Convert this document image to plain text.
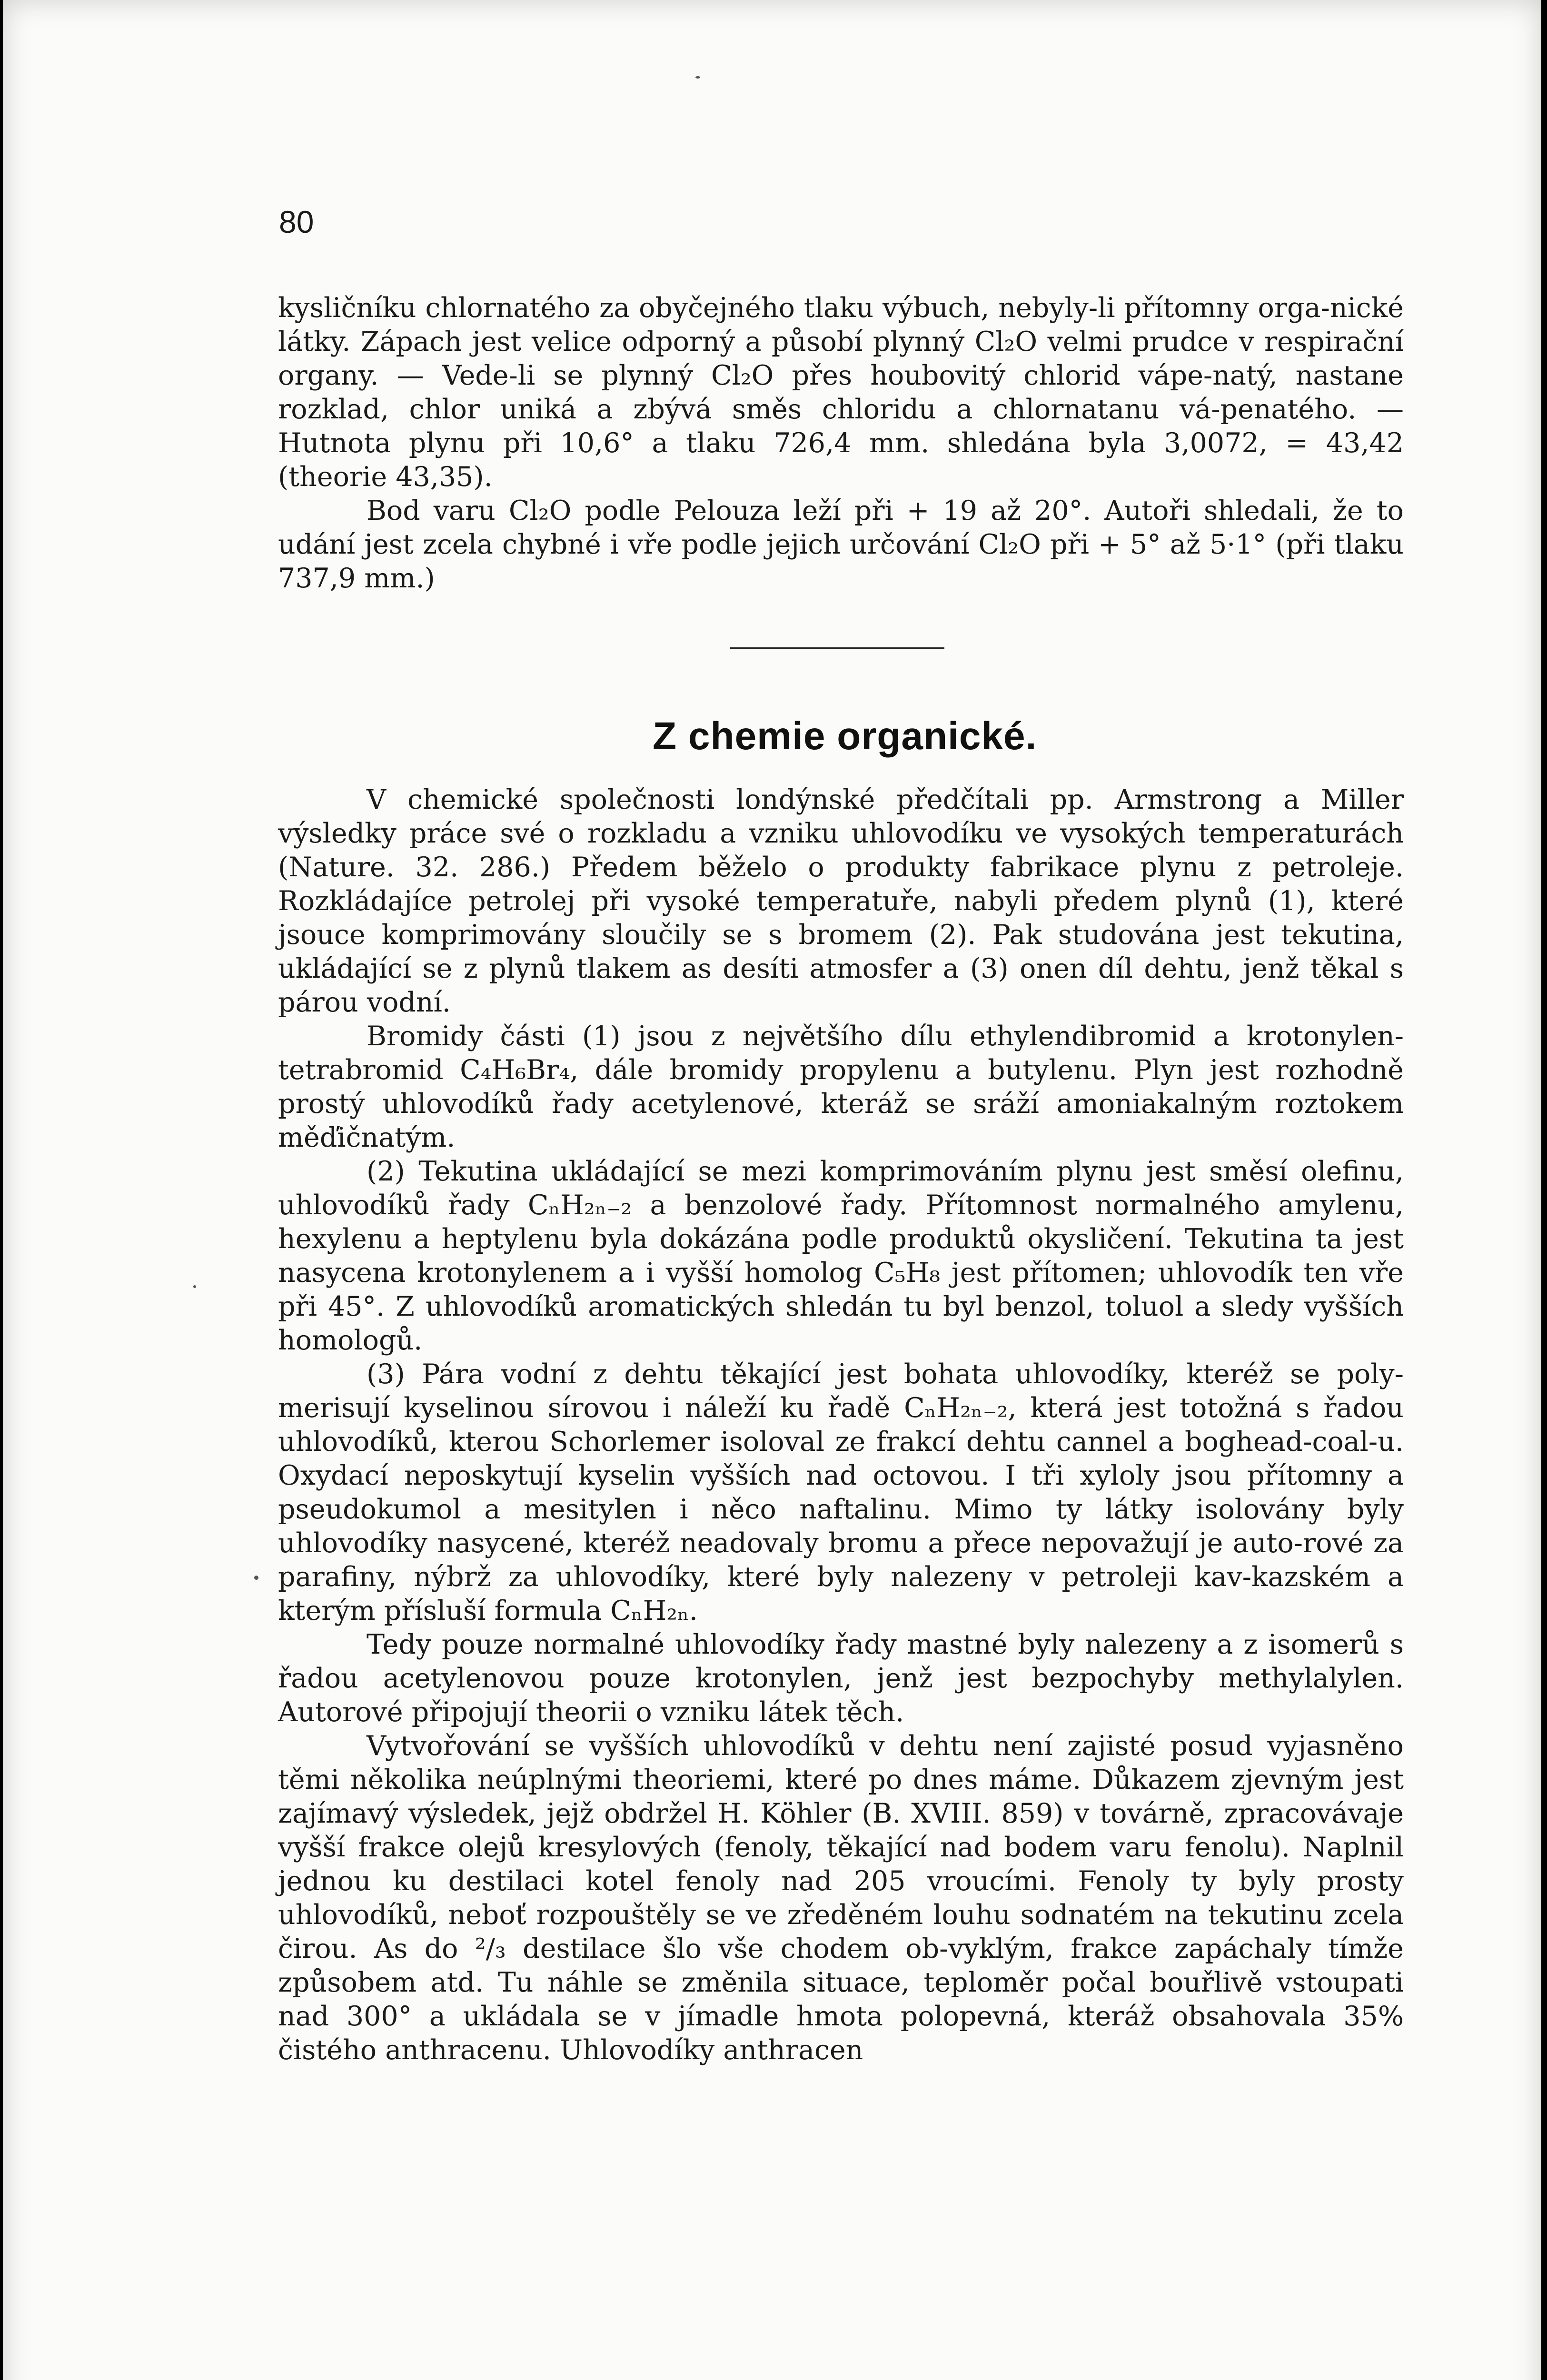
80

kysličníku chlornatého za obyčejného tlaku výbuch, nebyly-li přítomny orga-nické látky. Zápach jest velice odporný a působí plynný Cl₂O velmi prudce v respirační organy. — Vede-li se plynný Cl₂O přes houbovitý chlorid vápe-natý, nastane rozklad, chlor uniká a zbývá směs chloridu a chlornatanu vá-penatého. — Hutnota plynu při 10,6° a tlaku 726,4 mm. shledána byla 3,0072, = 43,42 (theorie 43,35).

Bod varu Cl₂O podle Pelouza leží při + 19 až 20°. Autoři shledali, že to udání jest zcela chybné i vře podle jejich určování Cl₂O při + 5° až 5·1° (při tlaku 737,9 mm.)

Z chemie organické.

V chemické společnosti londýnské předčítali pp. Armstrong a Miller výsledky práce své o rozkladu a vzniku uhlovodíku ve vysokých temperaturách (Nature. 32. 286.) Předem běželo o produkty fabrikace plynu z petroleje. Rozkládajíce petrolej při vysoké temperatuře, nabyli předem plynů (1), které jsouce komprimovány sloučily se s bromem (2). Pak studována jest tekutina, ukládající se z plynů tlakem as desíti atmosfer a (3) onen díl dehtu, jenž těkal s párou vodní.

Bromidy části (1) jsou z největšího dílu ethylendibromid a krotonylen-tetrabromid C₄H₆Br₄, dále bromidy propylenu a butylenu. Plyn jest rozhodně prostý uhlovodíků řady acetylenové, kteráž se sráží amoniakalným roztokem měďičnatým.

(2) Tekutina ukládající se mezi komprimováním plynu jest směsí olefinu, uhlovodíků řady CₙH₂ₙ₋₂ a benzolové řady. Přítomnost normalného amylenu, hexylenu a heptylenu byla dokázána podle produktů okysličení. Tekutina ta jest nasycena krotonylenem a i vyšší homolog C₅H₈ jest přítomen; uhlovodík ten vře při 45°. Z uhlovodíků aromatických shledán tu byl benzol, toluol a sledy vyšších homologů.

(3) Pára vodní z dehtu těkající jest bohata uhlovodíky, kteréž se poly-merisují kyselinou sírovou i náleží ku řadě CₙH₂ₙ₋₂, která jest totožná s řadou uhlovodíků, kterou Schorlemer isoloval ze frakcí dehtu cannel a boghead-coal-u. Oxydací neposkytují kyselin vyšších nad octovou. I tři xyloly jsou přítomny a pseudokumol a mesitylen i něco naftalinu. Mimo ty látky isolovány byly uhlovodíky nasycené, kteréž neadovaly bromu a přece nepovažují je auto-rové za parafiny, nýbrž za uhlovodíky, které byly nalezeny v petroleji kav-kazském a kterým přísluší formula CₙH₂ₙ.

Tedy pouze normalné uhlovodíky řady mastné byly nalezeny a z isomerů s řadou acetylenovou pouze krotonylen, jenž jest bezpochyby methylalylen. Autorové připojují theorii o vzniku látek těch.

Vytvořování se vyšších uhlovodíků v dehtu není zajisté posud vyjasněno těmi několika neúplnými theoriemi, které po dnes máme. Důkazem zjevným jest zajímavý výsledek, jejž obdržel H. Köhler (B. XVIII. 859) v továrně, zpracovávaje vyšší frakce olejů kresylových (fenoly, těkající nad bodem varu fenolu). Naplnil jednou ku destilaci kotel fenoly nad 205 vroucími. Fenoly ty byly prosty uhlovodíků, neboť rozpouštěly se ve zředěném louhu sodnatém na tekutinu zcela čirou. As do ²/₃ destilace šlo vše chodem ob-vyklým, frakce zapáchaly tímže způsobem atd. Tu náhle se změnila situace, teploměr počal bouřlivě vstoupati nad 300° a ukládala se v jímadle hmota polopevná, kteráž obsahovala 35% čistého anthracenu. Uhlovodíky anthracen
